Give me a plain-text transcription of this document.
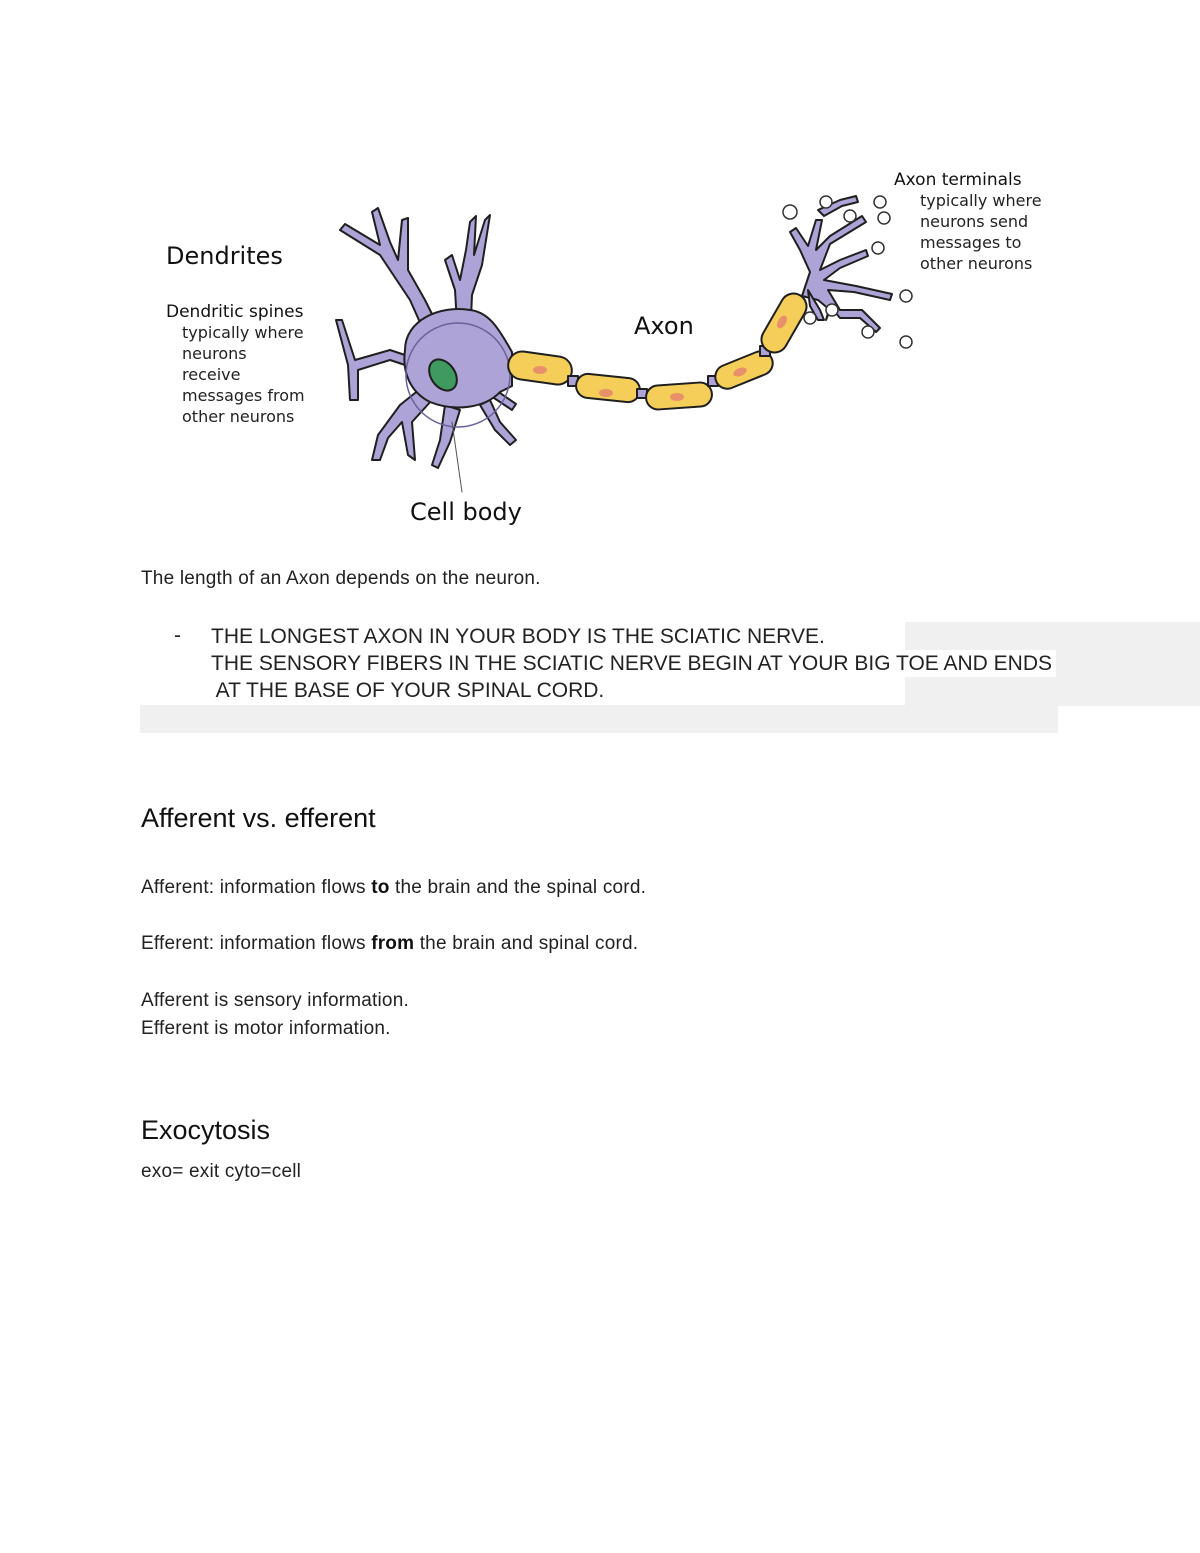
Dendrites
Dendritic spines
typically where
neurons
receive
messages from
other neurons
Axon
Cell body
Axon terminals
typically where
neurons send
messages to
other neurons
The length of an Axon depends on the neuron.
- THE LONGEST AXON IN YOUR BODY IS THE SCIATIC NERVE.
THE SENSORY FIBERS IN THE SCIATIC NERVE BEGIN AT YOUR BIG TOE AND ENDS
AT THE BASE OF YOUR SPINAL CORD.
Afferent vs. efferent
Afferent: information flows to the brain and the spinal cord.
Efferent: information flows from the brain and spinal cord.
Afferent is sensory information.
Efferent is motor information.
Exocytosis
exo= exit cyto=cell
